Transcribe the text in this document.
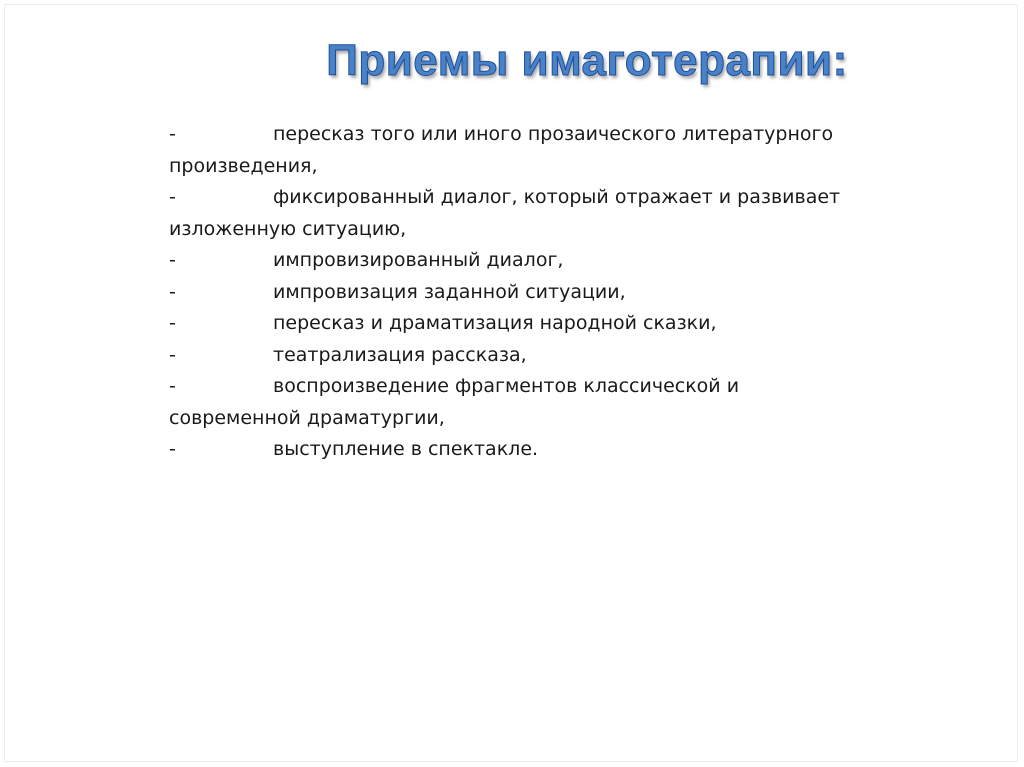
Приемы имаготерапии:
-	пересказ того или иного прозаического литературного произведения,
-	фиксированный диалог, который отражает и развивает изложенную ситуацию,
-	импровизированный диалог,
-	импровизация заданной ситуации,
-	пересказ и драматизация народной сказки,
-	театрализация рассказа,
-	воспроизведение фрагментов классической и современной драматургии,
-	выступление в спектакле.
